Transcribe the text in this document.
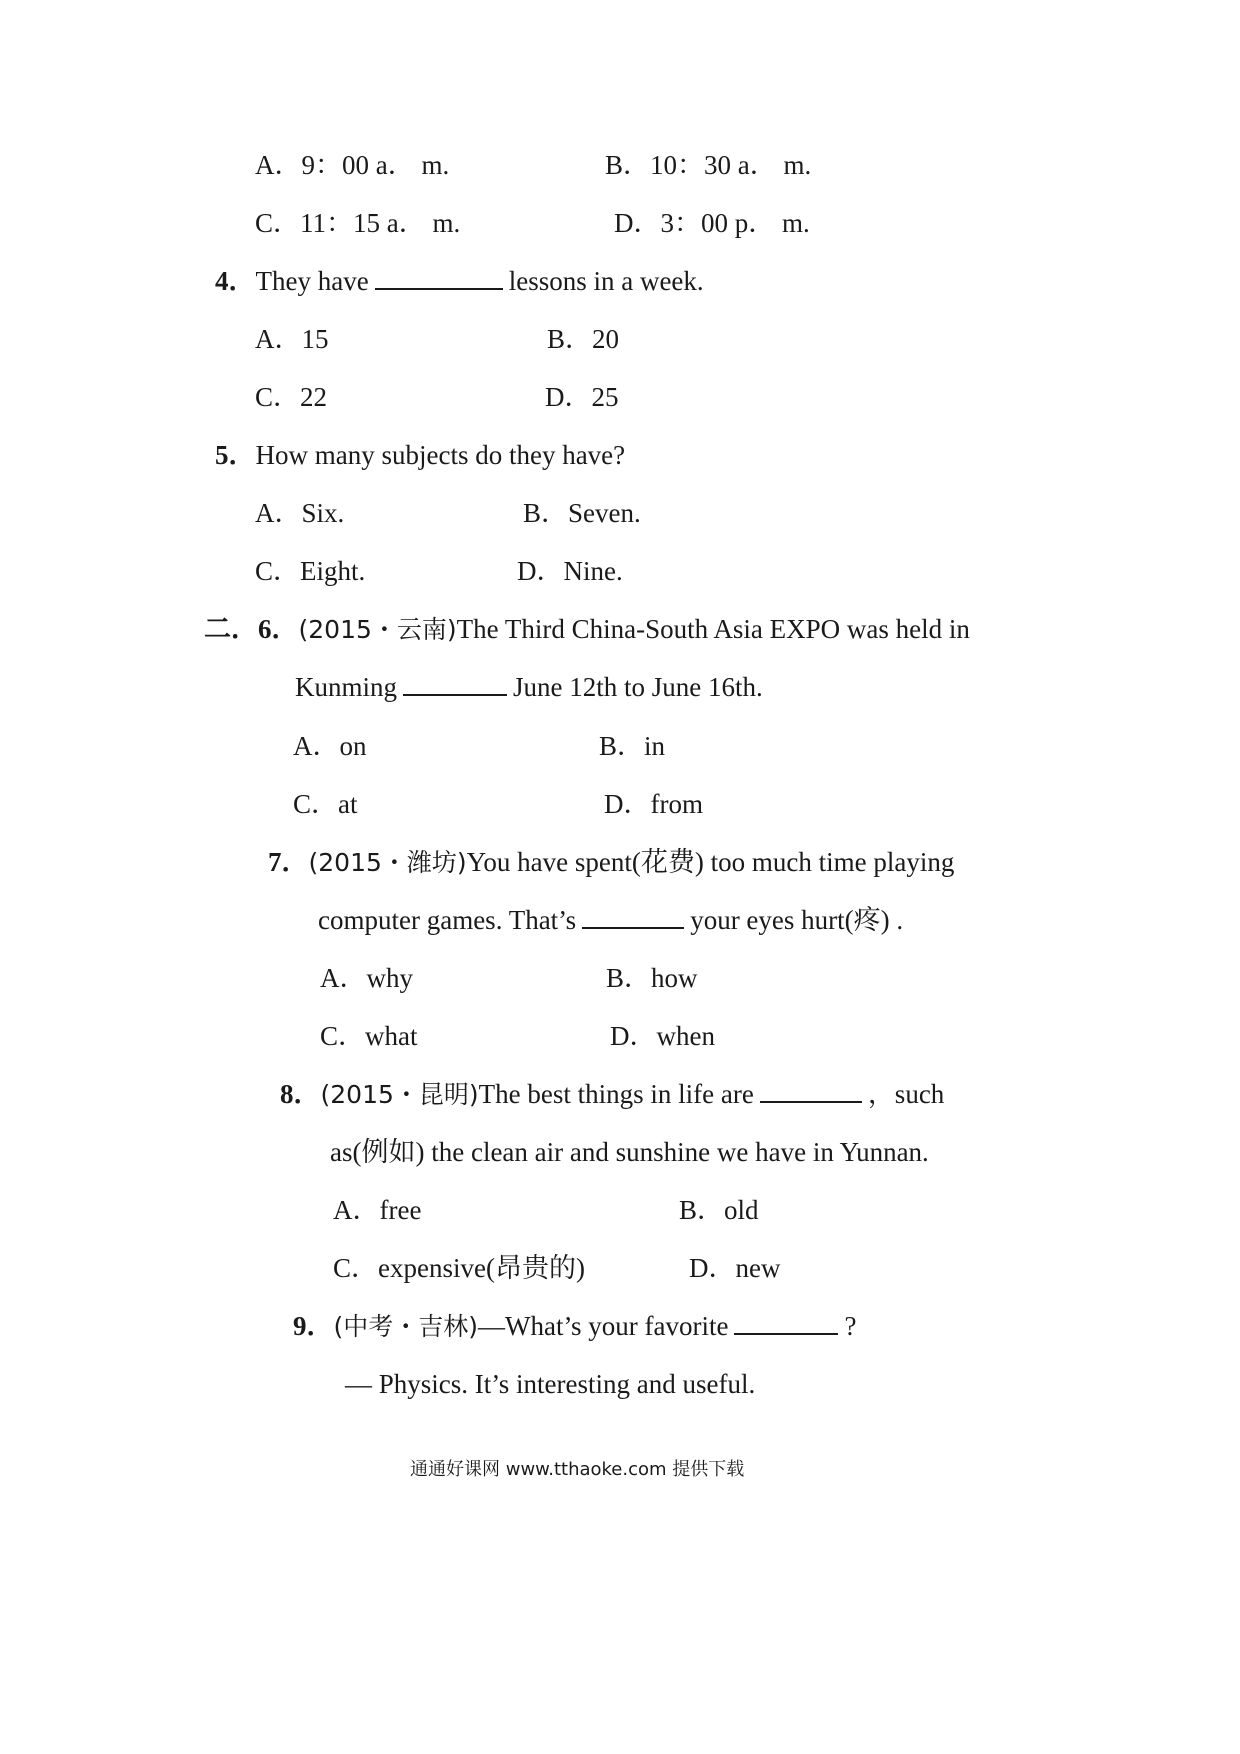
A．9：00 a． m.	B．10：30 a． m.
C．11：15 a． m.	D．3：00 p． m.
4．They have	lessons in a week.
A．15	B．20
C．22	D．25
5．How many subjects do they have?
A．Six.	B．Seven.
C．Eight.	D．Nine.
二．6．(2015・云南)The Third China-South Asia EXPO was held in
Kunming	June 12th to June 16th.
A．on	B．in
C．at	D．from
7．(2015・潍坊)You have spent(花费) too much time playing
computer games. That’s	your eyes hurt(疼) .
A．why	B．how
C．what	D．when
8．(2015・昆明)The best things in life are	，such
as(例如) the clean air and sunshine we have in Yunnan.
A．free	B．old
C．expensive(昂贵的)	D．new
9．(中考・吉林)—What’s your favorite	?
— Physics. It’s interesting and useful.
通通好课网 www.tthaoke.com 提供下载
